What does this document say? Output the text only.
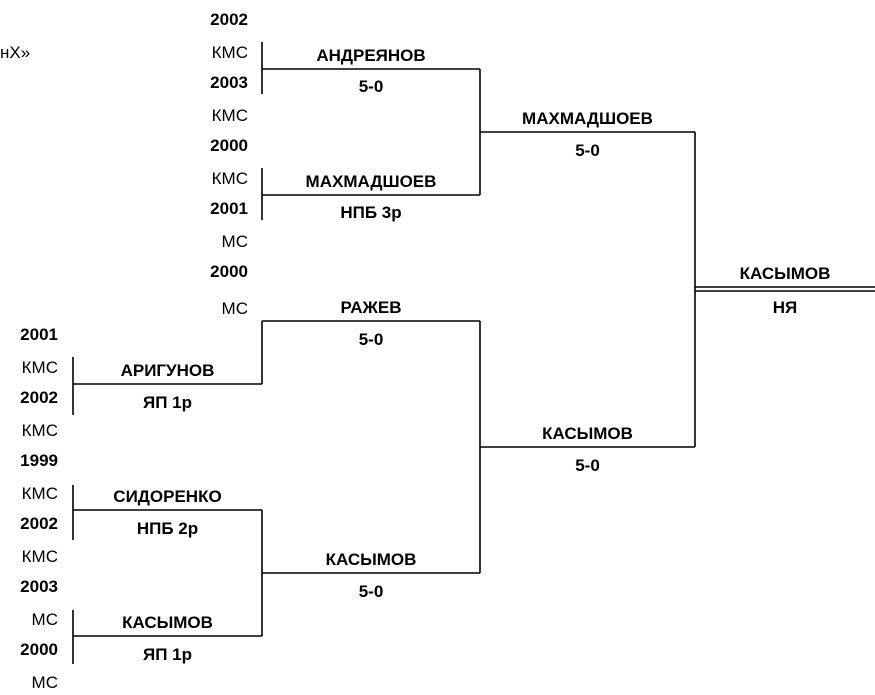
нХ»
2002
КМС
2003
КМС
2000
КМС
2001
МС
2000
МС
2001
КМС
2002
КМС
1999
КМС
2002
КМС
2003
МС
2000
МС
АРИГУНОВ
ЯП 1р
СИДОРЕНКО
НПБ 2р
КАСЫМОВ
ЯП 1р
АНДРЕЯНОВ
5-0
МАХМАДШОЕВ
НПБ 3р
РАЖЕВ
5-0
КАСЫМОВ
5-0
МАХМАДШОЕВ
5-0
КАСЫМОВ
5-0
КАСЫМОВ
НЯ
